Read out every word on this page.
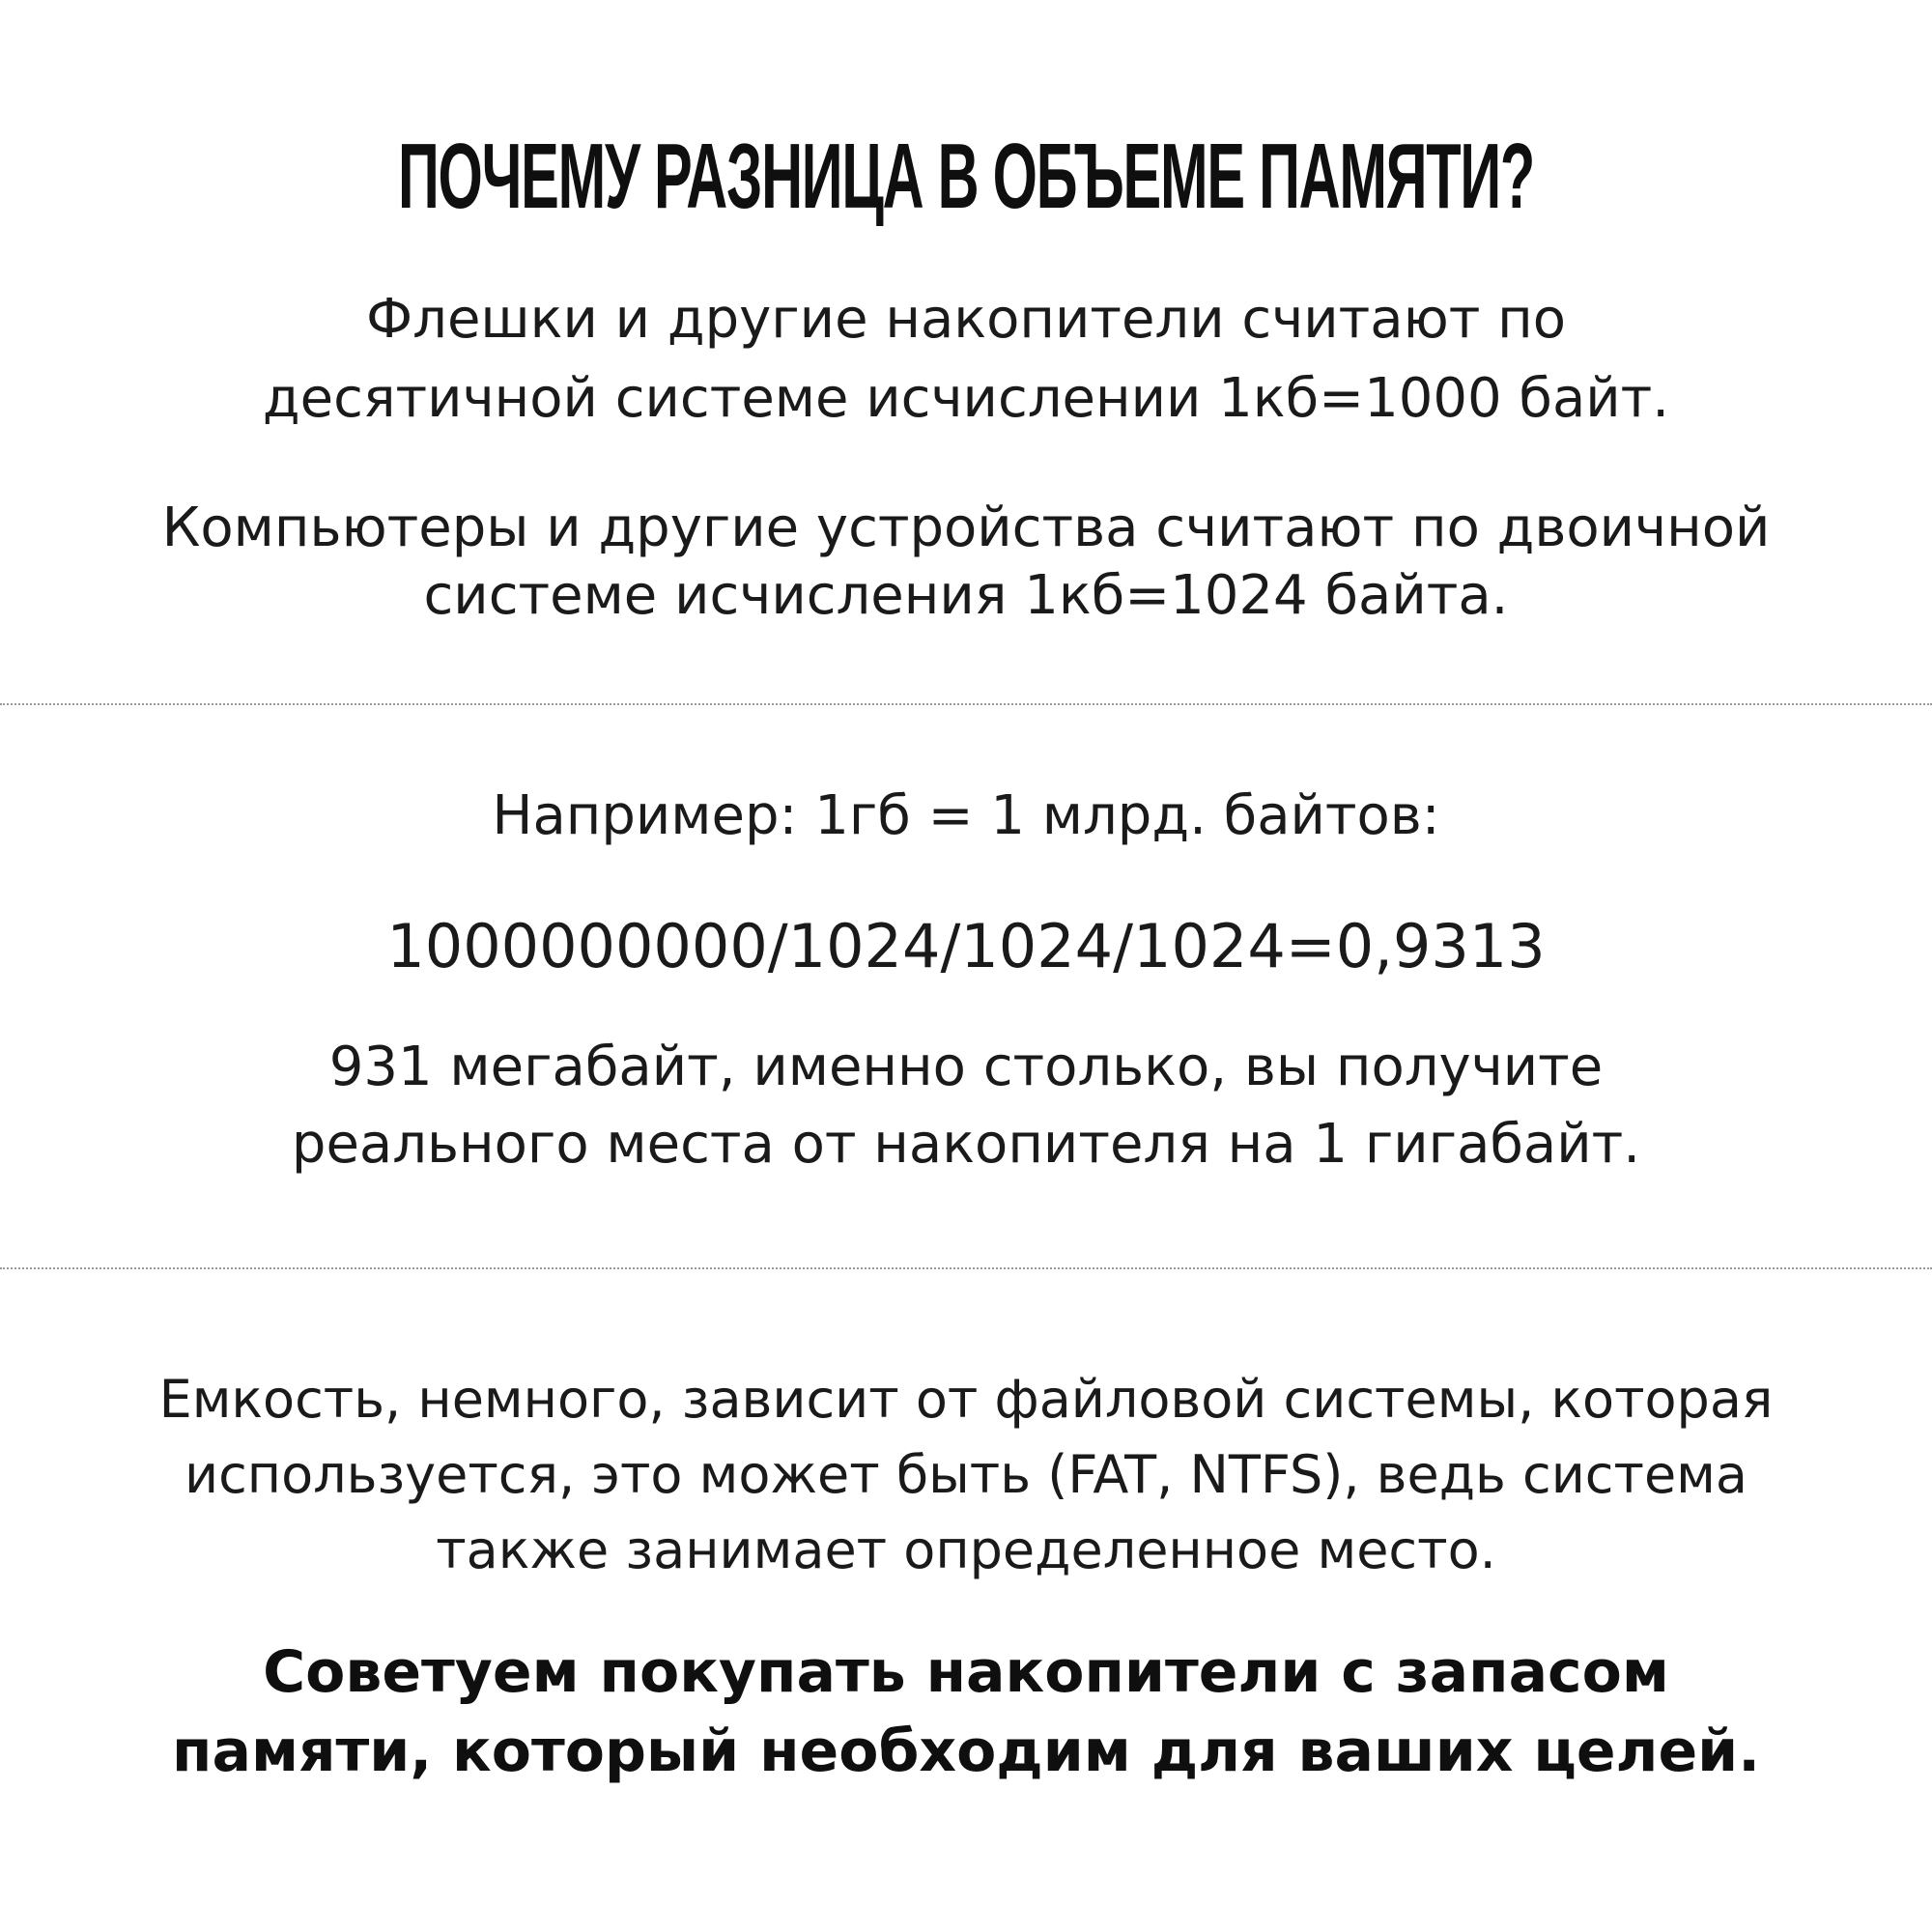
ПОЧЕМУ РАЗНИЦА В ОБЪЕМЕ ПАМЯТИ?
Флешки и другие накопители считают по
десятичной системе исчислении 1кб=1000 байт.
Компьютеры и другие устройства считают по двоичной
системе исчисления 1кб=1024 байта.
Например: 1гб = 1 млрд. байтов:
1000000000/1024/1024/1024=0,9313
931 мегабайт, именно столько, вы получите
реального места от накопителя на 1 гигабайт.
Емкость, немного, зависит от файловой системы, которая
используется, это может быть (FAT, NTFS), ведь система
также занимает определенное место.
Советуем покупать накопители с запасом
памяти, который необходим для ваших целей.
